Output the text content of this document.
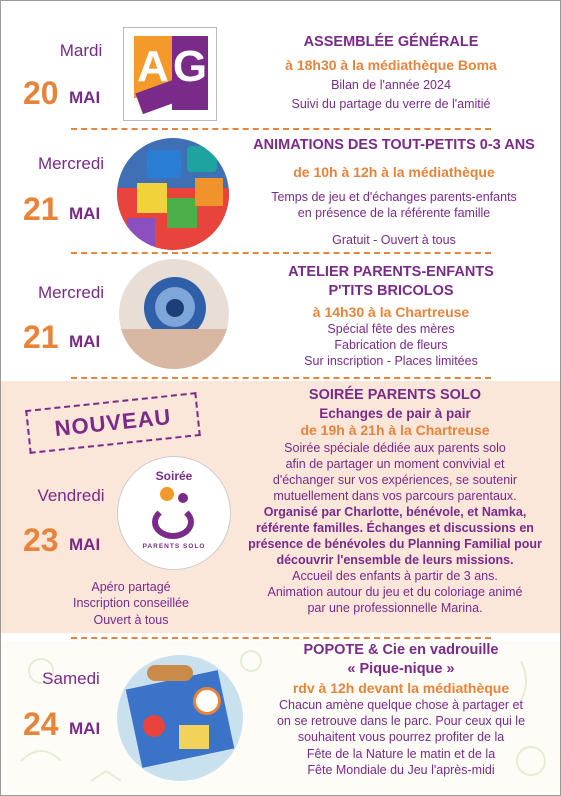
Mardi
20 MAI
A G	ASSEMBLÉE GÉNÉRALE
à 18h30 à la médiathèque Boma
Bilan de l'année 2024
Suivi du partage du verre de l'amitié
Mercredi
21 MAI
ANIMATIONS DES TOUT-PETITS 0-3 ANS
de 10h à 12h à la médiathèque
Temps de jeu et d'échanges parents-enfants
en présence de la référente famille
Gratuit - Ouvert à tous
Mercredi
21 MAI
ATELIER PARENTS-ENFANTS
P'TITS BRICOLOS
à 14h30 à la Chartreuse
Spécial fête des mères
Fabrication de fleurs
Sur inscription - Places limitées
NOUVEAU
Vendredi
23 MAI
Soirée
PARENTS SOLO
Apéro partagé
Inscription conseillée
Ouvert à tous
SOIRÉE PARENTS SOLO
Echanges de pair à pair
de 19h à 21h à la Chartreuse
Soirée spéciale dédiée aux parents solo
afin de partager un moment convivial et
d'échanger sur vos expériences, se soutenir
mutuellement dans vos parcours parentaux.
Organisé par Charlotte, bénévole, et Namka,
référente familles. Échanges et discussions en
présence de bénévoles du Planning Familial pour
découvrir l'ensemble de leurs missions.
Accueil des enfants à partir de 3 ans.
Animation autour du jeu et du coloriage animé
par une professionnelle Marina.
Samedi
24 MAI
POPOTE & Cie en vadrouille
« Pique-nique »
rdv à 12h devant la médiathèque
Chacun amène quelque chose à partager et
on se retrouve dans le parc. Pour ceux qui le
souhaitent vous pourrez profiter de la
Fête de la Nature le matin et de la
Fête Mondiale du Jeu l'après-midi
